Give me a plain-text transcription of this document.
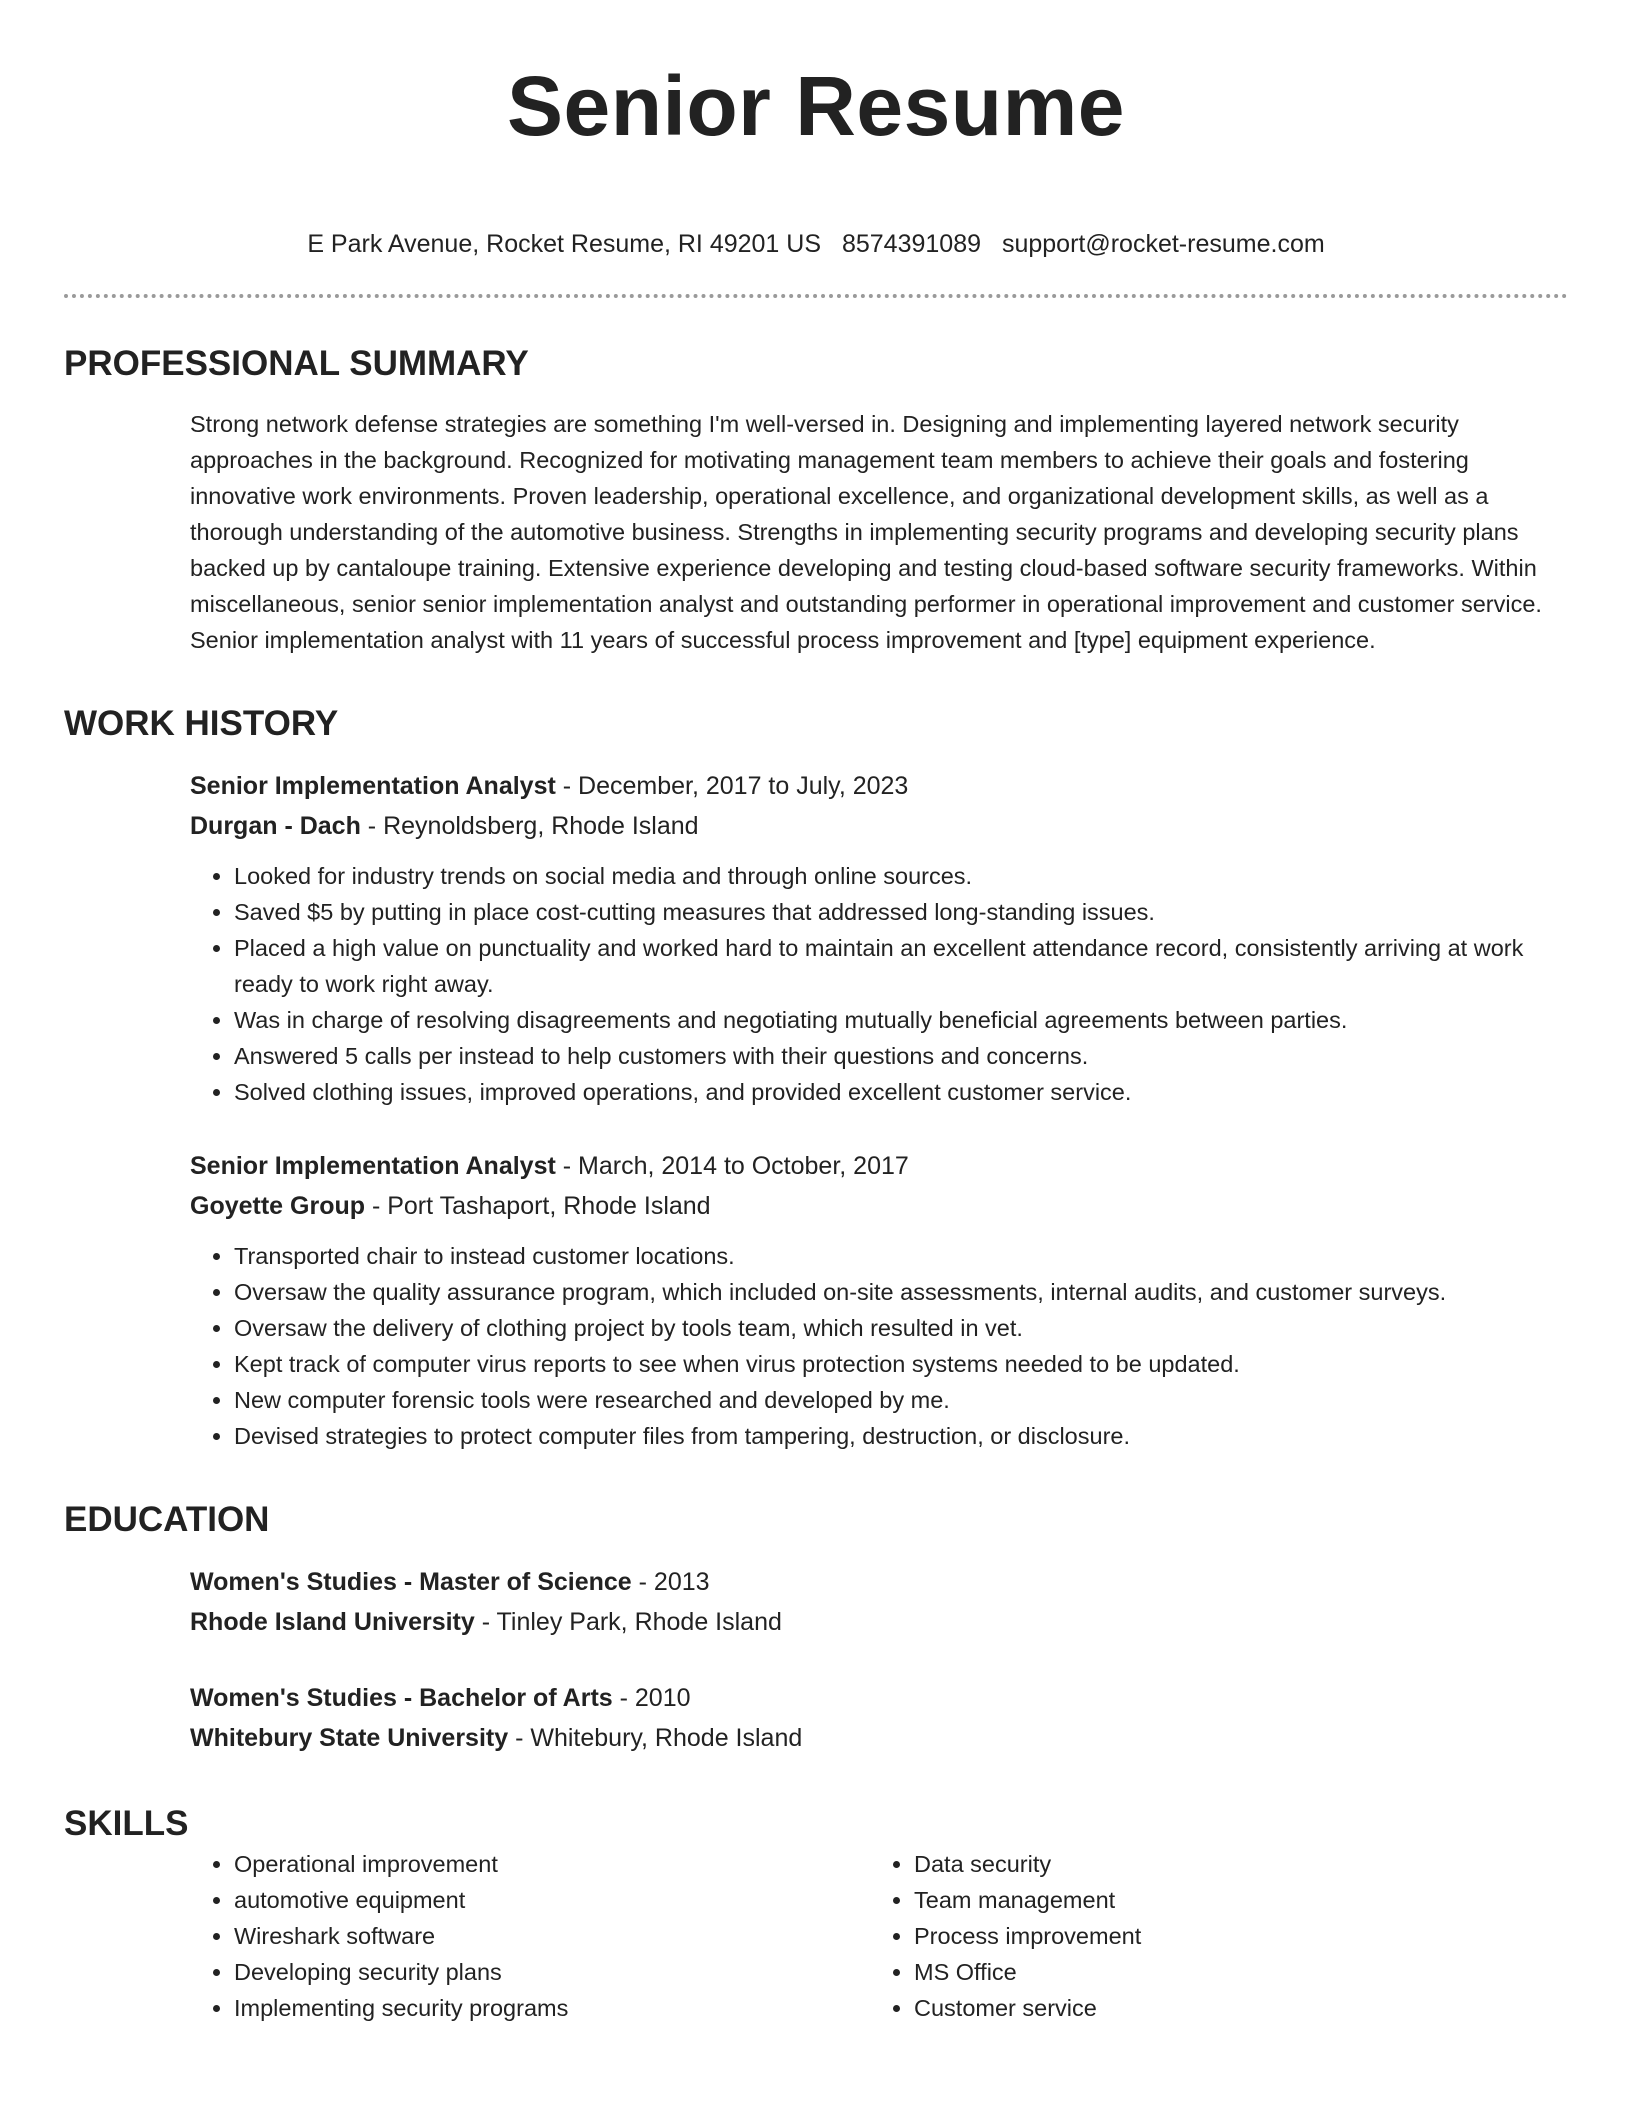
Senior Resume
E Park Avenue, Rocket Resume, RI 49201 US 8574391089 support@rocket-resume.com
PROFESSIONAL SUMMARY

Strong network defense strategies are something I'm well-versed in. Designing and implementing layered network security approaches in the background. Recognized for motivating management team members to achieve their goals and fostering innovative work environments. Proven leadership, operational excellence, and organizational development skills, as well as a thorough understanding of the automotive business. Strengths in implementing security programs and developing security plans backed up by cantaloupe training. Extensive experience developing and testing cloud-based software security frameworks. Within miscellaneous, senior senior implementation analyst and outstanding performer in operational improvement and customer service. Senior implementation analyst with 11 years of successful process improvement and [type] equipment experience.

WORK HISTORY
Senior Implementation Analyst - December, 2017 to July, 2023
Durgan - Dach - Reynoldsberg, Rhode Island
• Looked for industry trends on social media and through online sources.
• Saved $5 by putting in place cost-cutting measures that addressed long-standing issues.
• Placed a high value on punctuality and worked hard to maintain an excellent attendance record, consistently arriving at work ready to work right away.
• Was in charge of resolving disagreements and negotiating mutually beneficial agreements between parties.
• Answered 5 calls per instead to help customers with their questions and concerns.
• Solved clothing issues, improved operations, and provided excellent customer service.
Senior Implementation Analyst - March, 2014 to October, 2017
Goyette Group - Port Tashaport, Rhode Island
• Transported chair to instead customer locations.
• Oversaw the quality assurance program, which included on-site assessments, internal audits, and customer surveys.
• Oversaw the delivery of clothing project by tools team, which resulted in vet.
• Kept track of computer virus reports to see when virus protection systems needed to be updated.
• New computer forensic tools were researched and developed by me.
• Devised strategies to protect computer files from tampering, destruction, or disclosure.
EDUCATION
Women's Studies - Master of Science - 2013
Rhode Island University - Tinley Park, Rhode Island
Women's Studies - Bachelor of Arts - 2010
Whitebury State University - Whitebury, Rhode Island
SKILLS
• Operational improvement
• automotive equipment
• Wireshark software
• Developing security plans
• Implementing security programs
• Data security
• Team management
• Process improvement
• MS Office
• Customer service
